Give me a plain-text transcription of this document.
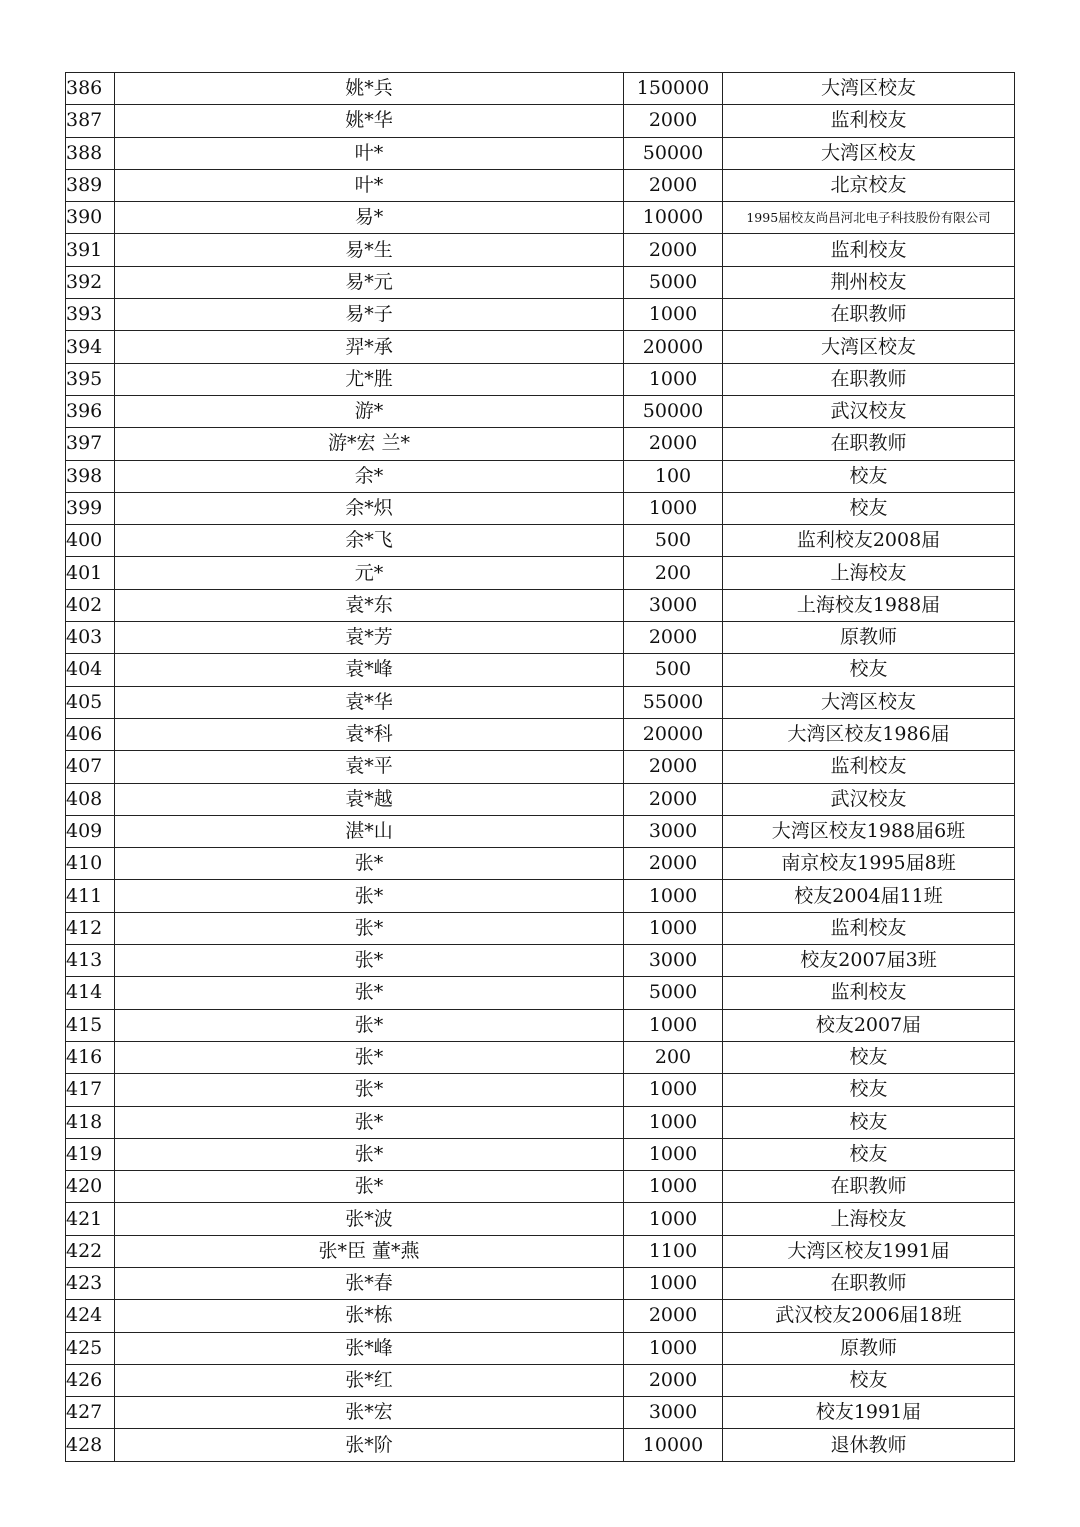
386	姚*兵	150000	大湾区校友
387	姚*华	2000	监利校友
388	叶*	50000	大湾区校友
389	叶*	2000	北京校友
390	易*	10000	1995届校友尚昌河北电子科技股份有限公司
391	易*生	2000	监利校友
392	易*元	5000	荆州校友
393	易*子	1000	在职教师
394	羿*承	20000	大湾区校友
395	尤*胜	1000	在职教师
396	游*	50000	武汉校友
397	游*宏 兰*	2000	在职教师
398	余*	100	校友
399	余*炽	1000	校友
400	余*飞	500	监利校友2008届
401	元*	200	上海校友
402	袁*东	3000	上海校友1988届
403	袁*芳	2000	原教师
404	袁*峰	500	校友
405	袁*华	55000	大湾区校友
406	袁*科	20000	大湾区校友1986届
407	袁*平	2000	监利校友
408	袁*越	2000	武汉校友
409	湛*山	3000	大湾区校友1988届6班
410	张*	2000	南京校友1995届8班
411	张*	1000	校友2004届11班
412	张*	1000	监利校友
413	张*	3000	校友2007届3班
414	张*	5000	监利校友
415	张*	1000	校友2007届
416	张*	200	校友
417	张*	1000	校友
418	张*	1000	校友
419	张*	1000	校友
420	张*	1000	在职教师
421	张*波	1000	上海校友
422	张*臣 董*燕	1100	大湾区校友1991届
423	张*春	1000	在职教师
424	张*栋	2000	武汉校友2006届18班
425	张*峰	1000	原教师
426	张*红	2000	校友
427	张*宏	3000	校友1991届
428	张*阶	10000	退休教师
